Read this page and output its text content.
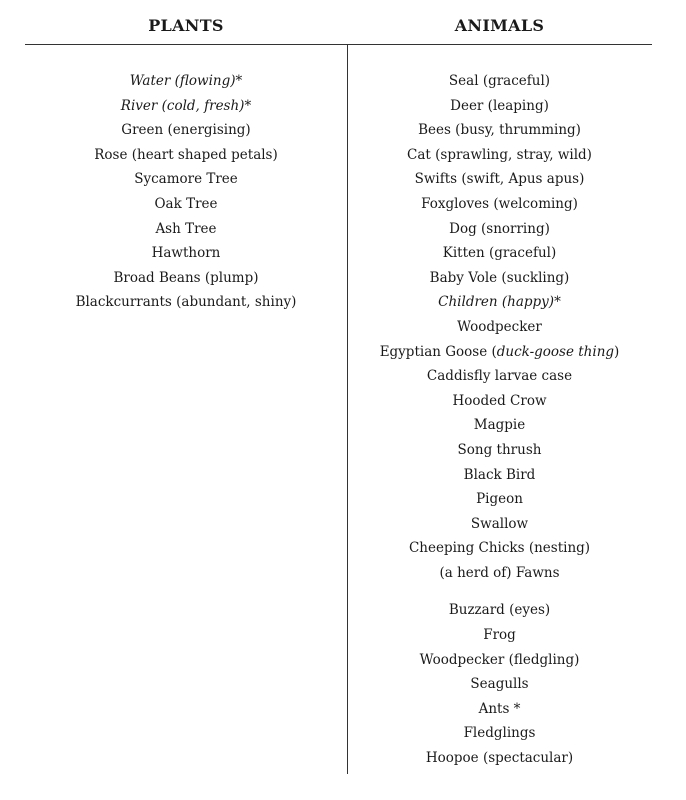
PLANTS	ANIMALS
Water (flowing)*
River (cold, fresh)*
Green (energising)
Rose (heart shaped petals)
Sycamore Tree
Oak Tree
Ash Tree
Hawthorn
Broad Beans (plump)
Blackcurrants (abundant, shiny)
Seal (graceful)
Deer (leaping)
Bees (busy, thrumming)
Cat (sprawling, stray, wild)
Swifts (swift, Apus apus)
Foxgloves (welcoming)
Dog (snorring)
Kitten (graceful)
Baby Vole (suckling)
Children (happy)*
Woodpecker
Egyptian Goose (duck-goose thing)
Caddisfly larvae case
Hooded Crow
Magpie
Song thrush
Black Bird
Pigeon
Swallow
Cheeping Chicks (nesting)
(a herd of) Fawns
Buzzard (eyes)
Frog
Woodpecker (fledgling)
Seagulls
Ants *
Fledglings
Hoopoe (spectacular)
